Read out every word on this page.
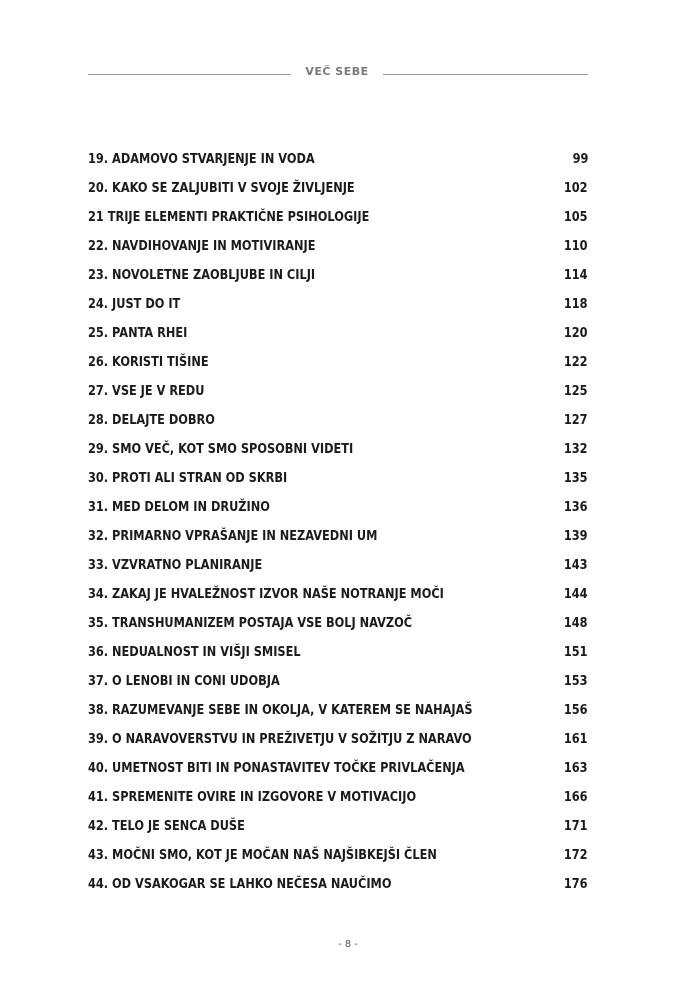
VEČ SEBE
19. ADAMOVO STVARJENJE IN VODA	99
20. KAKO SE ZALJUBITI V SVOJE ŽIVLJENJE	102
21 TRIJE ELEMENTI PRAKTIČNE PSIHOLOGIJE	105
22. NAVDIHOVANJE IN MOTIVIRANJE	110
23. NOVOLETNE ZAOBLJUBE IN CILJI	114
24. JUST DO IT	118
25. PANTA RHEI	120
26. KORISTI TIŠINE	122
27. VSE JE V REDU	125
28. DELAJTE DOBRO	127
29. SMO VEČ, KOT SMO SPOSOBNI VIDETI	132
30. PROTI ALI STRAN OD SKRBI	135
31. MED DELOM IN DRUŽINO	136
32. PRIMARNO VPRAŠANJE IN NEZAVEDNI UM	139
33. VZVRATNO PLANIRANJE	143
34. ZAKAJ JE HVALEŽNOST IZVOR NAŠE NOTRANJE MOČI	144
35. TRANSHUMANIZEM POSTAJA VSE BOLJ NAVZOČ	148
36. NEDUALNOST IN VIŠJI SMISEL	151
37. O LENOBI IN CONI UDOBJA	153
38. RAZUMEVANJE SEBE IN OKOLJA, V KATEREM SE NAHAJAŠ	156
39. O NARAVOVERSTVU IN PREŽIVETJU V SOŽITJU Z NARAVO	161
40. UMETNOST BITI IN PONASTAVITEV TOČKE PRIVLAČENJA	163
41. SPREMENITE OVIRE IN IZGOVORE V MOTIVACIJO	166
42. TELO JE SENCA DUŠE	171
43. MOČNI SMO, KOT JE MOČAN NAŠ NAJŠIBKEJŠI ČLEN	172
44. OD VSAKOGAR SE LAHKO NEČESA NAUČIMO	176
- 8 -
